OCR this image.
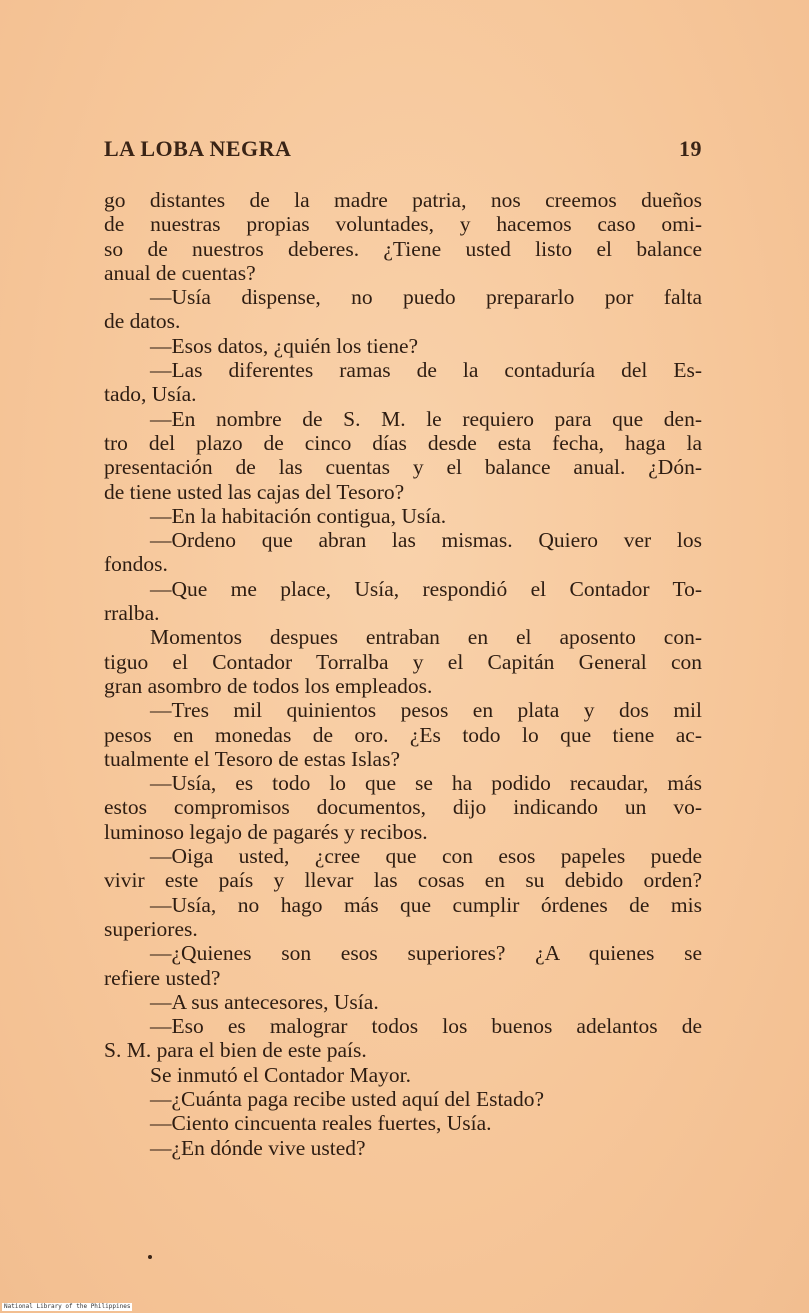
LA LOBA NEGRA	19
go distantes de la madre patria, nos creemos dueños
de nuestras propias voluntades, y hacemos caso omi-
so de nuestros deberes. ¿Tiene usted listo el balance
anual de cuentas?
—Usía dispense, no puedo prepararlo por falta
de datos.
—Esos datos, ¿quién los tiene?
—Las diferentes ramas de la contaduría del Es-
tado, Usía.
—En nombre de S. M. le requiero para que den-
tro del plazo de cinco días desde esta fecha, haga la
presentación de las cuentas y el balance anual. ¿Dón-
de tiene usted las cajas del Tesoro?
—En la habitación contigua, Usía.
—Ordeno que abran las mismas. Quiero ver los
fondos.
—Que me place, Usía, respondió el Contador To-
rralba.
Momentos despues entraban en el aposento con-
tiguo el Contador Torralba y el Capitán General con
gran asombro de todos los empleados.
—Tres mil quinientos pesos en plata y dos mil
pesos en monedas de oro. ¿Es todo lo que tiene ac-
tualmente el Tesoro de estas Islas?
—Usía, es todo lo que se ha podido recaudar, más
estos compromisos documentos, dijo indicando un vo-
luminoso legajo de pagarés y recibos.
—Oiga usted, ¿cree que con esos papeles puede
vivir este país y llevar las cosas en su debido orden?
—Usía, no hago más que cumplir órdenes de mis
superiores.
—¿Quienes son esos superiores? ¿A quienes se
refiere usted?
—A sus antecesores, Usía.
—Eso es malograr todos los buenos adelantos de
S. M. para el bien de este país.
Se inmutó el Contador Mayor.
—¿Cuánta paga recibe usted aquí del Estado?
—Ciento cincuenta reales fuertes, Usía.
—¿En dónde vive usted?
National Library of the Philippines
